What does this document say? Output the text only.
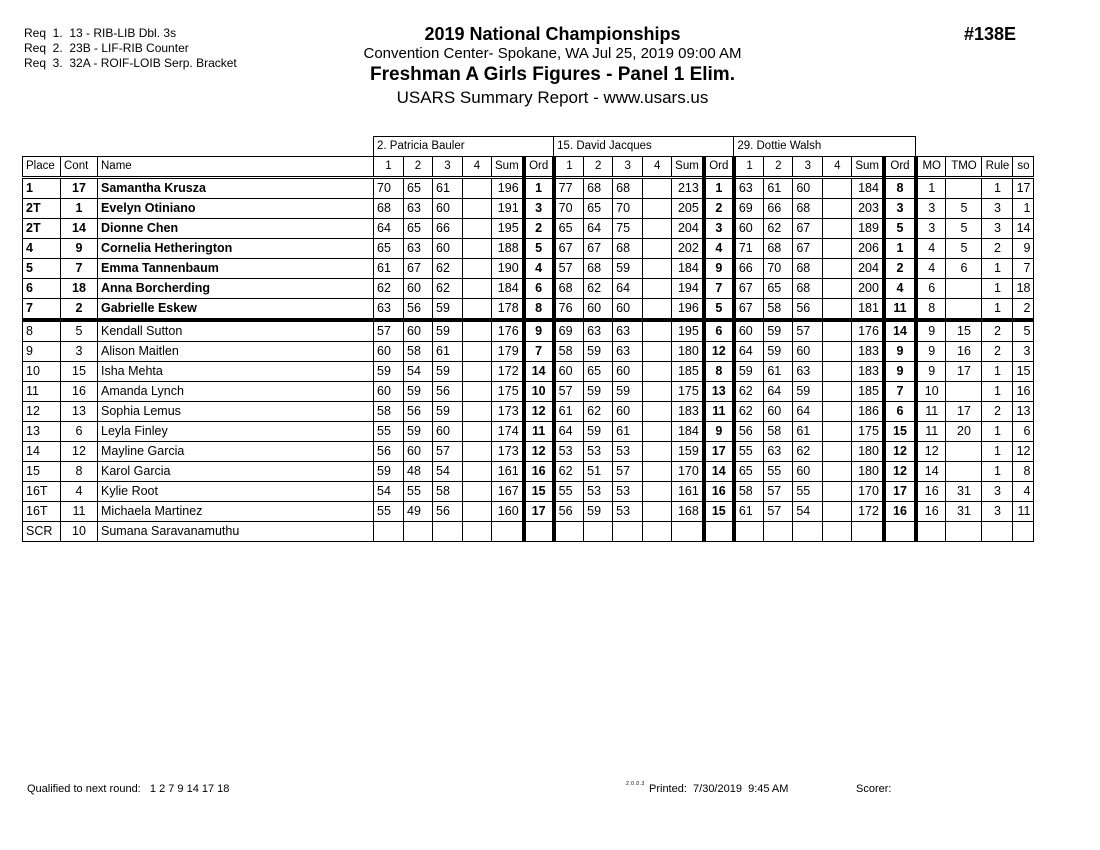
Req  1.  13 - RIB-LIB Dbl. 3s
Req  2.  23B - LIF-RIB Counter
Req  3.  32A - ROIF-LOIB Serp. Bracket
2019 National Championships
Convention Center- Spokane, WA Jul 25, 2019 09:00 AM
Freshman A Girls Figures - Panel 1 Elim.
USARS Summary Report - www.usars.us
#138E
			2. Patricia Bauler						15. David Jacques						29. Dottie Walsh									
Place	Cont	Name	1	2	3	4	Sum	Ord	1	2	3	4	Sum	Ord	1	2	3	4	Sum	Ord	MO	TMO	Rule	so
1	17	Samantha Krusza	70	65	61		196	1	77	68	68		213	1	63	61	60		184	8	1		1	17
2T	1	Evelyn Otiniano	68	63	60		191	3	70	65	70		205	2	69	66	68		203	3	3	5	3	1
2T	14	Dionne Chen	64	65	66		195	2	65	64	75		204	3	60	62	67		189	5	3	5	3	14
4	9	Cornelia Hetherington	65	63	60		188	5	67	67	68		202	4	71	68	67		206	1	4	5	2	9
5	7	Emma Tannenbaum	61	67	62		190	4	57	68	59		184	9	66	70	68		204	2	4	6	1	7
6	18	Anna Borcherding	62	60	62		184	6	68	62	64		194	7	67	65	68		200	4	6		1	18
7	2	Gabrielle Eskew	63	56	59		178	8	76	60	60		196	5	67	58	56		181	11	8		1	2
8	5	Kendall Sutton	57	60	59		176	9	69	63	63		195	6	60	59	57		176	14	9	15	2	5
9	3	Alison Maitlen	60	58	61		179	7	58	59	63		180	12	64	59	60		183	9	9	16	2	3
10	15	Isha Mehta	59	54	59		172	14	60	65	60		185	8	59	61	63		183	9	9	17	1	15
11	16	Amanda Lynch	60	59	56		175	10	57	59	59		175	13	62	64	59		185	7	10		1	16
12	13	Sophia Lemus	58	56	59		173	12	61	62	60		183	11	62	60	64		186	6	11	17	2	13
13	6	Leyla Finley	55	59	60		174	11	64	59	61		184	9	56	58	61		175	15	11	20	1	6
14	12	Mayline Garcia	56	60	57		173	12	53	53	53		159	17	55	63	62		180	12	12		1	12
15	8	Karol Garcia	59	48	54		161	16	62	51	57		170	14	65	55	60		180	12	14		1	8
16T	4	Kylie Root	54	55	58		167	15	55	53	53		161	16	58	57	55		170	17	16	31	3	4
16T	11	Michaela Martinez	55	49	56		160	17	56	59	53		168	15	61	57	54		172	16	16	31	3	11
SCR	10	Sumana Saravanamuthu																						
Qualified to next round:   1 2 7 9 14 17 18	2.0.0.3 Printed:  7/30/2019  9:45 AM	Scorer:
